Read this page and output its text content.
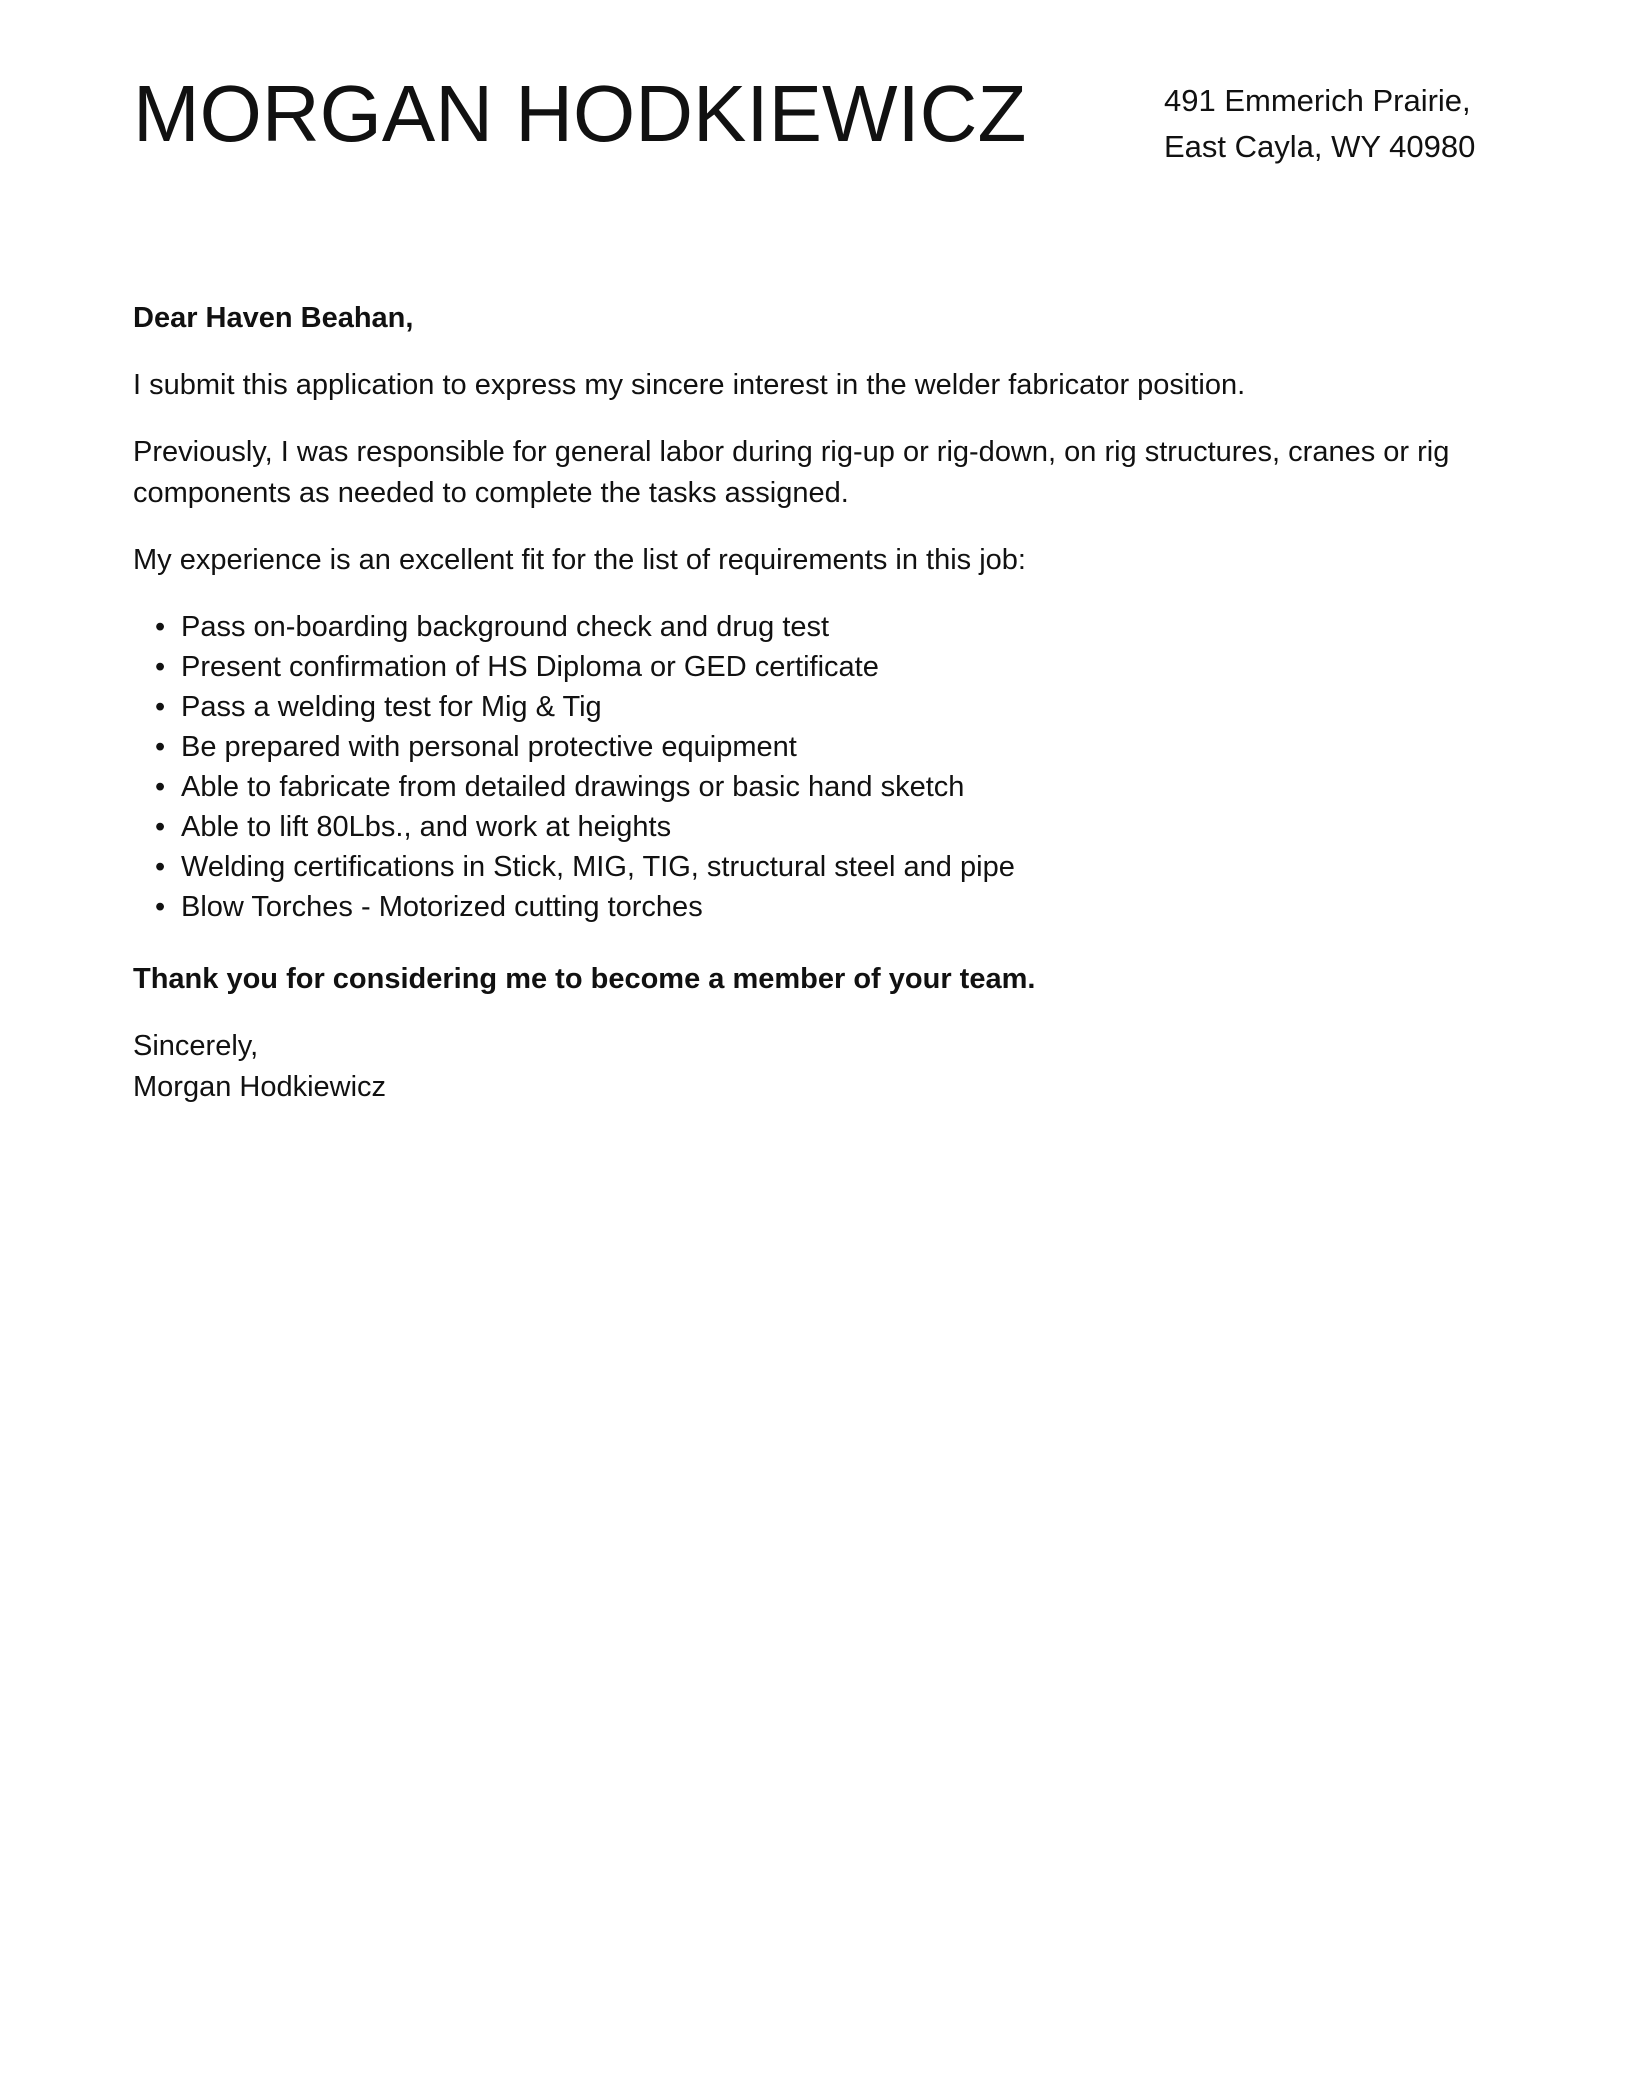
MORGAN HODKIEWICZ	491 Emmerich Prairie,
East Cayla, WY 40980

Dear Haven Beahan,

I submit this application to express my sincere interest in the welder fabricator position.

Previously, I was responsible for general labor during rig-up or rig-down, on rig structures, cranes or rig components as needed to complete the tasks assigned.

My experience is an excellent fit for the list of requirements in this job:

• Pass on-boarding background check and drug test
• Present confirmation of HS Diploma or GED certificate
• Pass a welding test for Mig & Tig
• Be prepared with personal protective equipment
• Able to fabricate from detailed drawings or basic hand sketch
• Able to lift 80Lbs., and work at heights
• Welding certifications in Stick, MIG, TIG, structural steel and pipe
• Blow Torches - Motorized cutting torches

Thank you for considering me to become a member of your team.

Sincerely,
Morgan Hodkiewicz
